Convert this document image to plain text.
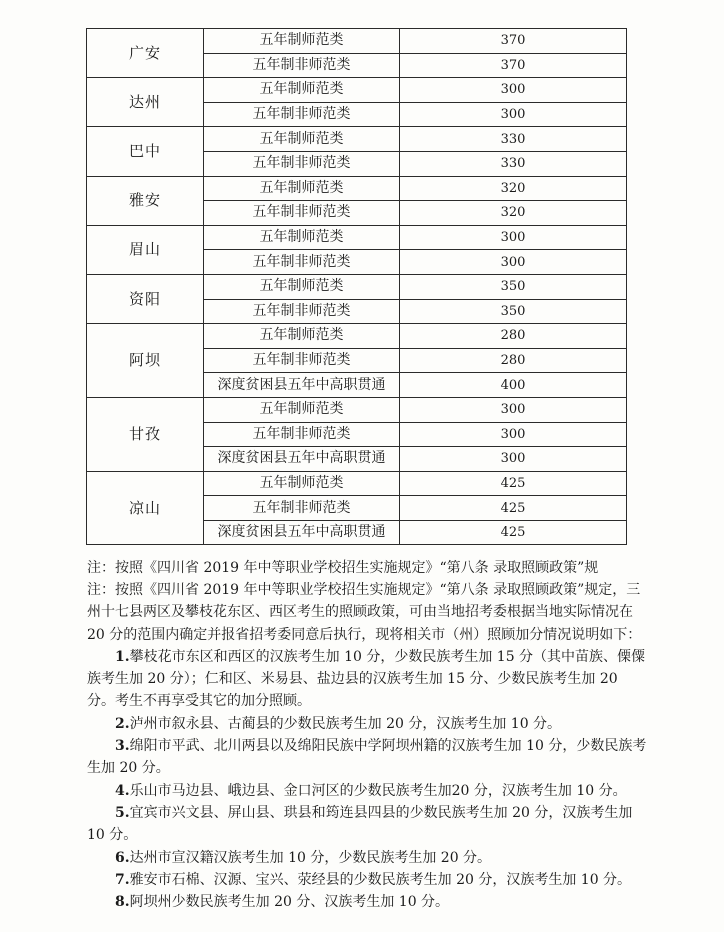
广安	五年制师范类	370
	五年制非师范类	370
达州	五年制师范类	300
	五年制非师范类	300
巴中	五年制师范类	330
	五年制非师范类	330
雅安	五年制师范类	320
	五年制非师范类	320
眉山	五年制师范类	300
	五年制非师范类	300
资阳	五年制师范类	350
	五年制非师范类	350
阿坝	五年制师范类	280
	五年制非师范类	280
	深度贫困县五年中高职贯通	400
甘孜	五年制师范类	300
	五年制非师范类	300
	深度贫困县五年中高职贯通	300
凉山	五年制师范类	425
	五年制非师范类	425
	深度贫困县五年中高职贯通	425

注：按照《四川省 2019 年中等职业学校招生实施规定》“第八条 录取照顾政策”规

注：按照《四川省 2019 年中等职业学校招生实施规定》“第八条 录取照顾政策”规定，三州十七县两区及攀枝花东区、西区考生的照顾政策，可由当地招考委根据当地实际情况在 20 分的范围内确定并报省招考委同意后执行，现将相关市（州）照顾加分情况说明如下：

1.攀枝花市东区和西区的汉族考生加 10 分，少数民族考生加 15 分（其中苗族、傈僳族考生加 20 分）；仁和区、米易县、盐边县的汉族考生加 15 分、少数民族考生加 20 分。考生不再享受其它的加分照顾。

2.泸州市叙永县、古蔺县的少数民族考生加 20 分，汉族考生加 10 分。

3.绵阳市平武、北川两县以及绵阳民族中学阿坝州籍的汉族考生加 10 分，少数民族考生加 20 分。

4.乐山市马边县、峨边县、金口河区的少数民族考生加20 分，汉族考生加 10 分。

5.宜宾市兴文县、屏山县、珙县和筠连县四县的少数民族考生加 20 分，汉族考生加 10 分。

6.达州市宣汉籍汉族考生加 10 分，少数民族考生加 20 分。

7.雅安市石棉、汉源、宝兴、荥经县的少数民族考生加 20 分，汉族考生加 10 分。

8.阿坝州少数民族考生加 20 分、汉族考生加 10 分。
